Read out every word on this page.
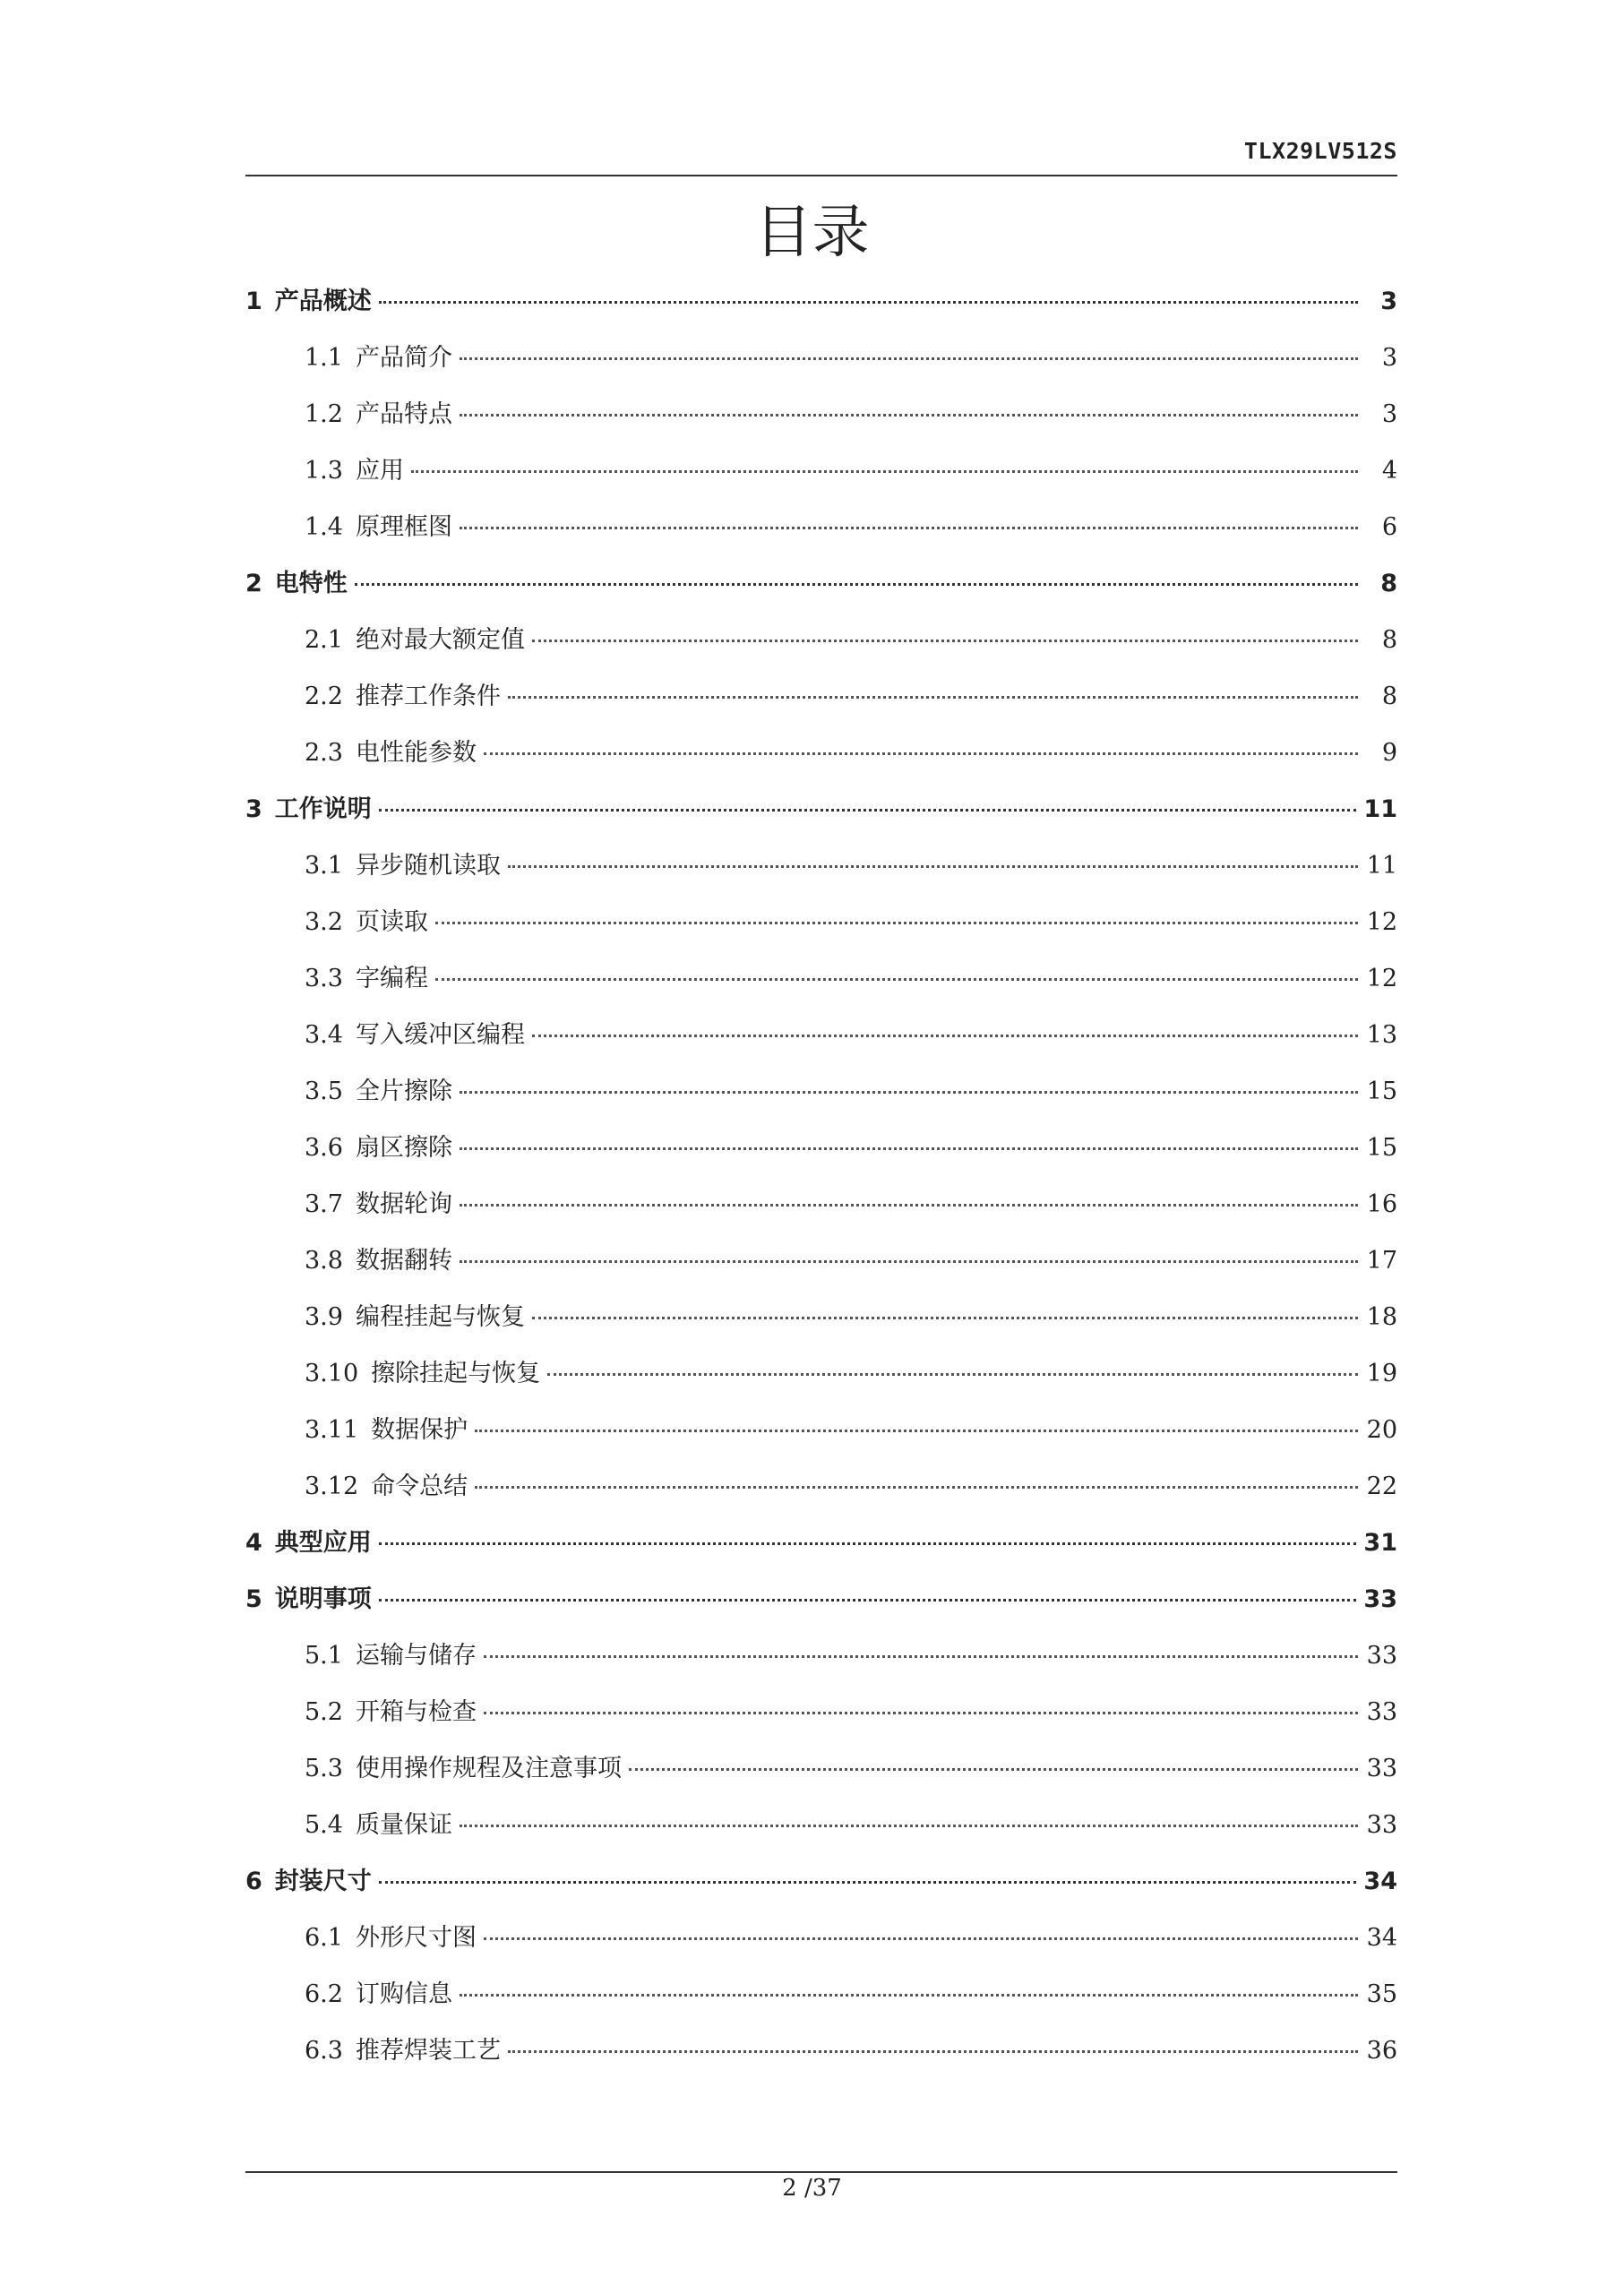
TLX29LV512S
目录
1 产品概述	3
1.1 产品简介	3
1.2 产品特点	3
1.3 应用	4
1.4 原理框图	6
2 电特性	8
2.1 绝对最大额定值	8
2.2 推荐工作条件	8
2.3 电性能参数	9
3 工作说明	11
3.1 异步随机读取	11
3.2 页读取	12
3.3 字编程	12
3.4 写入缓冲区编程	13
3.5 全片擦除	15
3.6 扇区擦除	15
3.7 数据轮询	16
3.8 数据翻转	17
3.9 编程挂起与恢复	18
3.10 擦除挂起与恢复	19
3.11 数据保护	20
3.12 命令总结	22
4 典型应用	31
5 说明事项	33
5.1 运输与储存	33
5.2 开箱与检查	33
5.3 使用操作规程及注意事项	33
5.4 质量保证	33
6 封装尺寸	34
6.1 外形尺寸图	34
6.2 订购信息	35
6.3 推荐焊装工艺	36
2 /37
